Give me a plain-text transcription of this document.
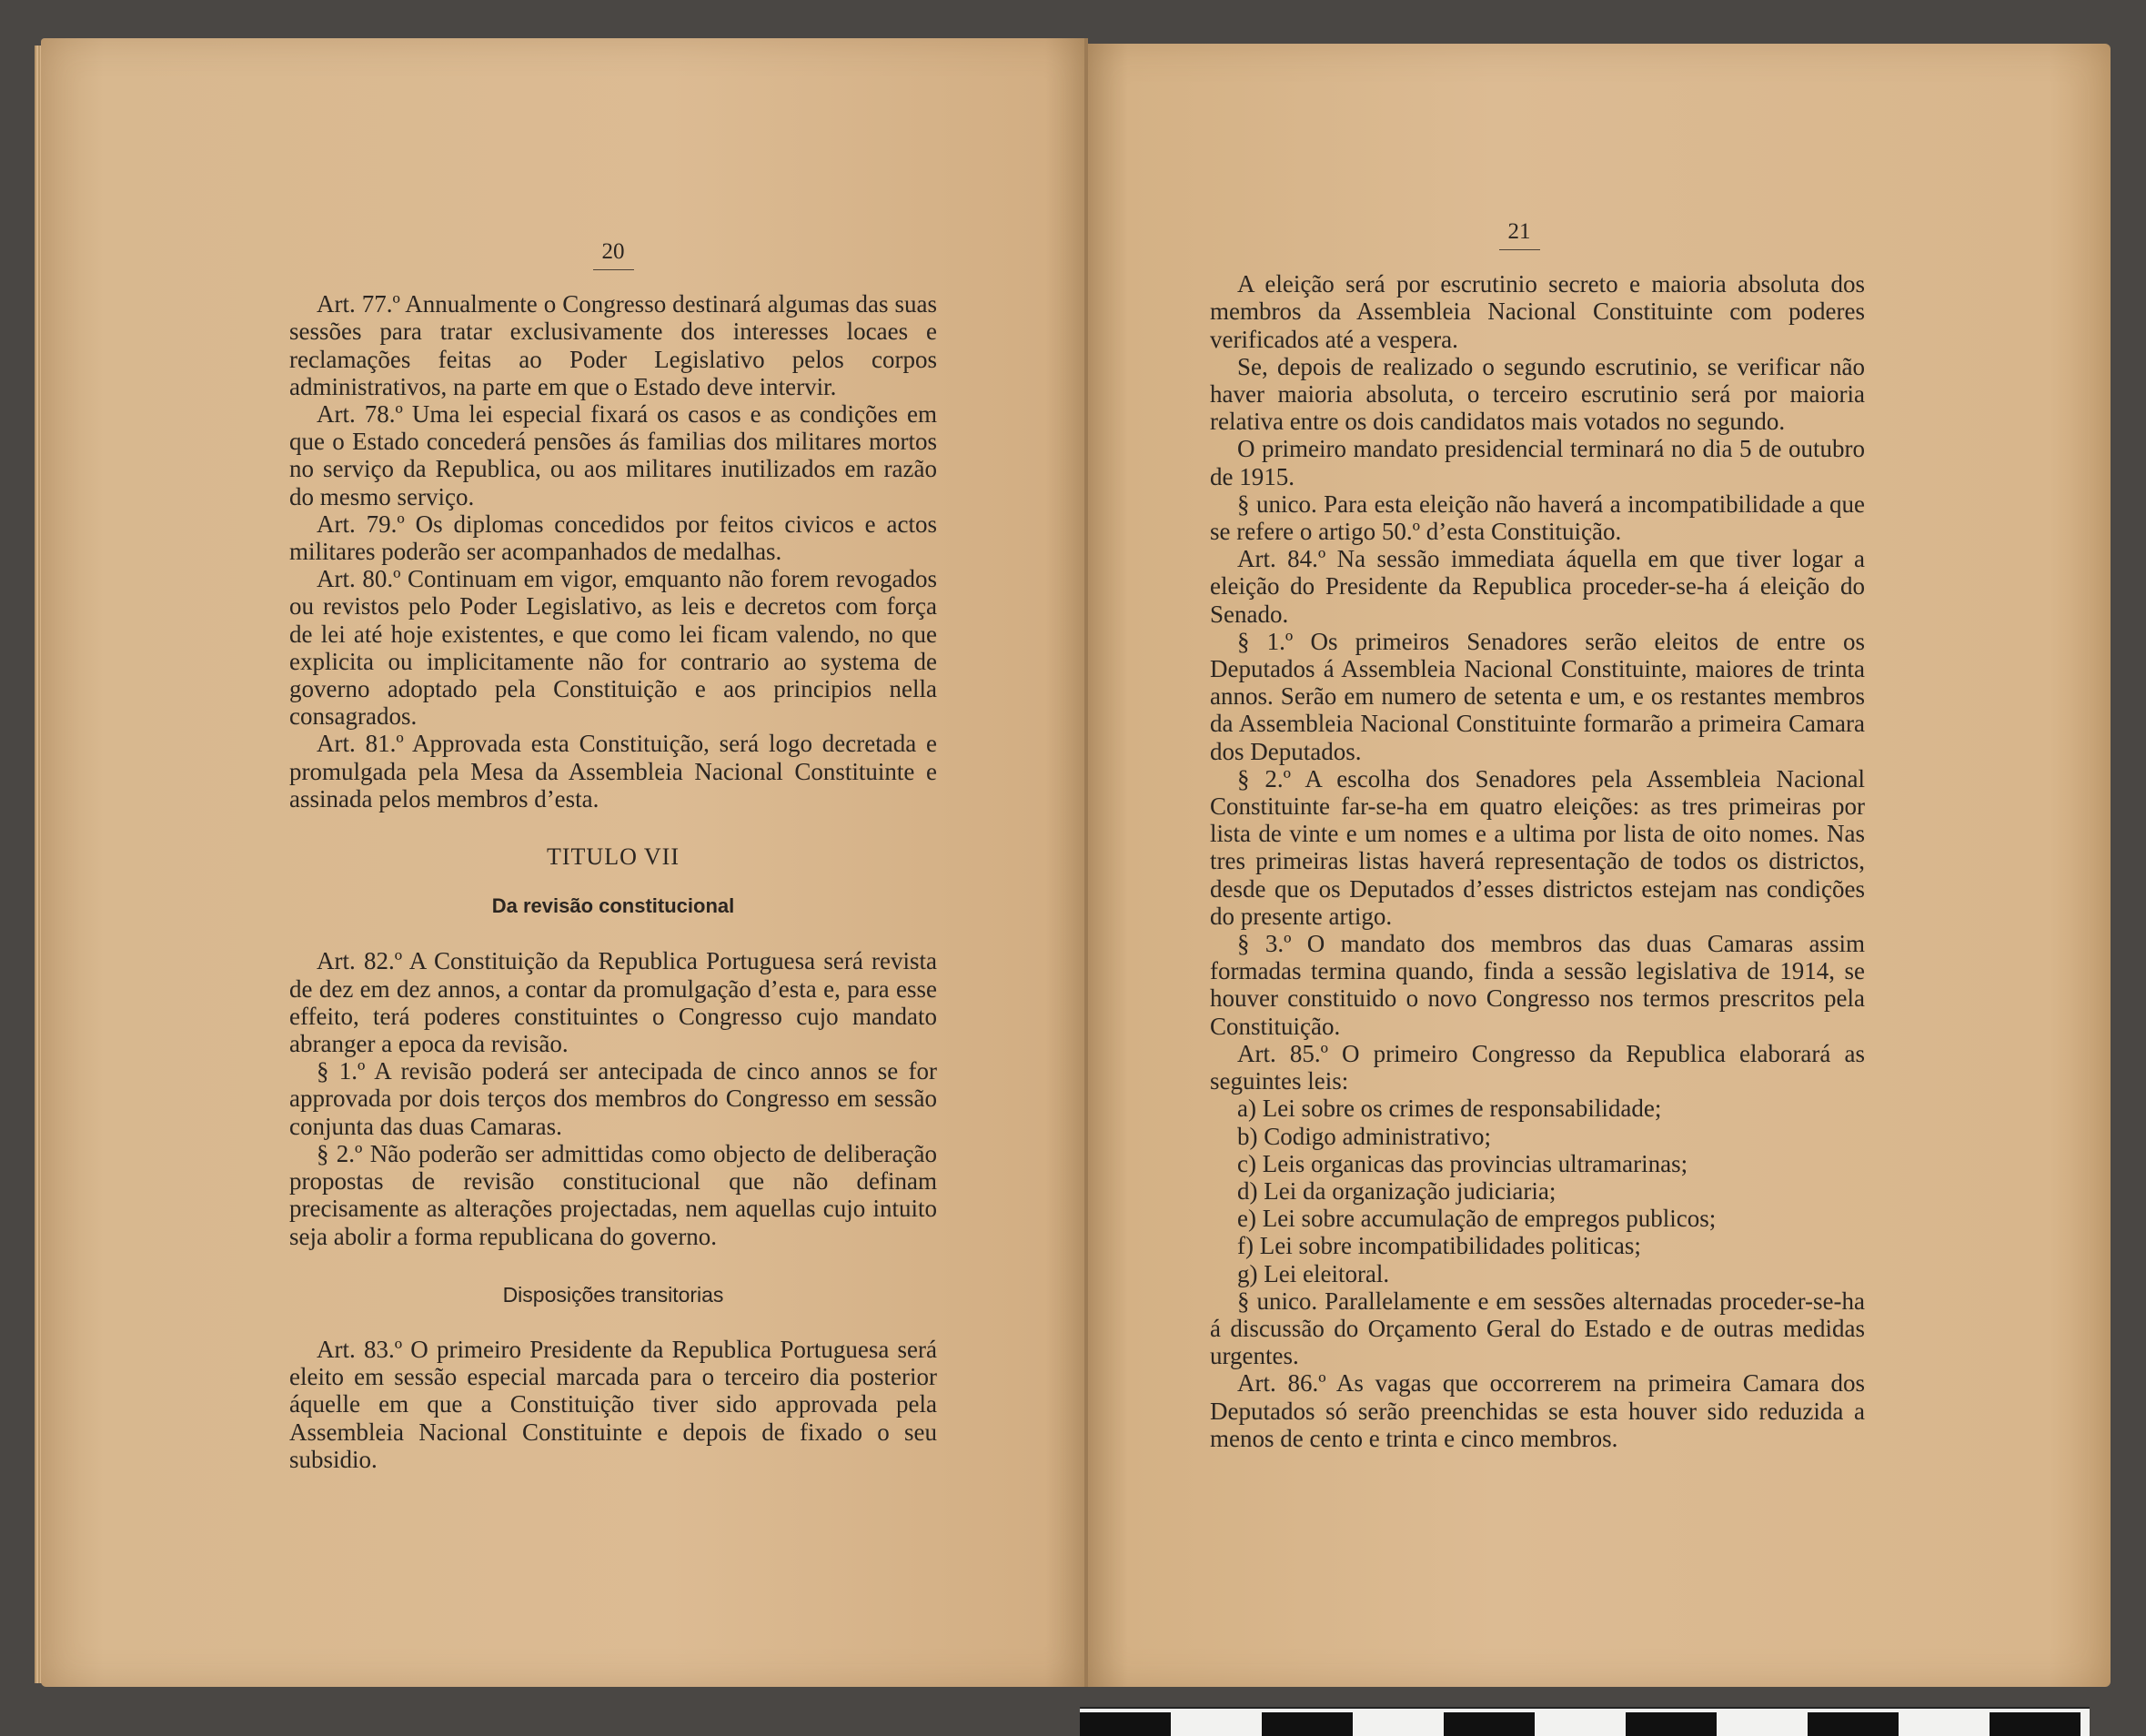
20

Art. 77.º Annualmente o Congresso destinará algumas das suas sessões para tratar exclusivamente dos interesses locaes e reclamações feitas ao Poder Legislativo pelos corpos administrativos, na parte em que o Estado deve intervir.

Art. 78.º Uma lei especial fixará os casos e as condições em que o Estado concederá pensões ás familias dos militares mortos no serviço da Republica, ou aos militares inutilizados em razão do mesmo serviço.

Art. 79.º Os diplomas concedidos por feitos civicos e actos militares poderão ser acompanhados de medalhas.

Art. 80.º Continuam em vigor, emquanto não forem revogados ou revistos pelo Poder Legislativo, as leis e decretos com força de lei até hoje existentes, e que como lei ficam valendo, no que explicita ou implicitamente não for contrario ao systema de governo adoptado pela Constituição e aos principios nella consagrados.

Art. 81.º Approvada esta Constituição, será logo decretada e promulgada pela Mesa da Assembleia Nacional Constituinte e assinada pelos membros d’esta.

TITULO VII

Da revisão constitucional

Art. 82.º A Constituição da Republica Portuguesa será revista de dez em dez annos, a contar da promulgação d’esta e, para esse effeito, terá poderes constituintes o Congresso cujo mandato abranger a epoca da revisão.

§ 1.º A revisão poderá ser antecipada de cinco annos se for approvada por dois terços dos membros do Congresso em sessão conjunta das duas Camaras.

§ 2.º Não poderão ser admittidas como objecto de deliberação propostas de revisão constitucional que não definam precisamente as alterações projectadas, nem aquellas cujo intuito seja abolir a forma republicana do governo.

Disposições transitorias

Art. 83.º O primeiro Presidente da Republica Portuguesa será eleito em sessão especial marcada para o terceiro dia posterior áquelle em que a Constituição tiver sido approvada pela Assembleia Nacional Constituinte e depois de fixado o seu subsidio.

21

A eleição será por escrutinio secreto e maioria absoluta dos membros da Assembleia Nacional Constituinte com poderes verificados até a vespera.

Se, depois de realizado o segundo escrutinio, se verificar não haver maioria absoluta, o terceiro escrutinio será por maioria relativa entre os dois candidatos mais votados no segundo.

O primeiro mandato presidencial terminará no dia 5 de outubro de 1915.

§ unico. Para esta eleição não haverá a incompatibilidade a que se refere o artigo 50.º d’esta Constituição.

Art. 84.º Na sessão immediata áquella em que tiver logar a eleição do Presidente da Republica proceder-se-ha á eleição do Senado.

§ 1.º Os primeiros Senadores serão eleitos de entre os Deputados á Assembleia Nacional Constituinte, maiores de trinta annos. Serão em numero de setenta e um, e os restantes membros da Assembleia Nacional Constituinte formarão a primeira Camara dos Deputados.

§ 2.º A escolha dos Senadores pela Assembleia Nacional Constituinte far-se-ha em quatro eleições: as tres primeiras por lista de vinte e um nomes e a ultima por lista de oito nomes. Nas tres primeiras listas haverá representação de todos os districtos, desde que os Deputados d’esses districtos estejam nas condições do presente artigo.

§ 3.º O mandato dos membros das duas Camaras assim formadas termina quando, finda a sessão legislativa de 1914, se houver constituido o novo Congresso nos termos prescritos pela Constituição.

Art. 85.º O primeiro Congresso da Republica elaborará as seguintes leis:

a) Lei sobre os crimes de responsabilidade;

b) Codigo administrativo;

c) Leis organicas das provincias ultramarinas;

d) Lei da organização judiciaria;

e) Lei sobre accumulação de empregos publicos;

f) Lei sobre incompatibilidades politicas;

g) Lei eleitoral.

§ unico. Parallelamente e em sessões alternadas proceder-se-ha á discussão do Orçamento Geral do Estado e de outras medidas urgentes.

Art. 86.º As vagas que occorrerem na primeira Camara dos Deputados só serão preenchidas se esta houver sido reduzida a menos de cento e trinta e cinco membros.
